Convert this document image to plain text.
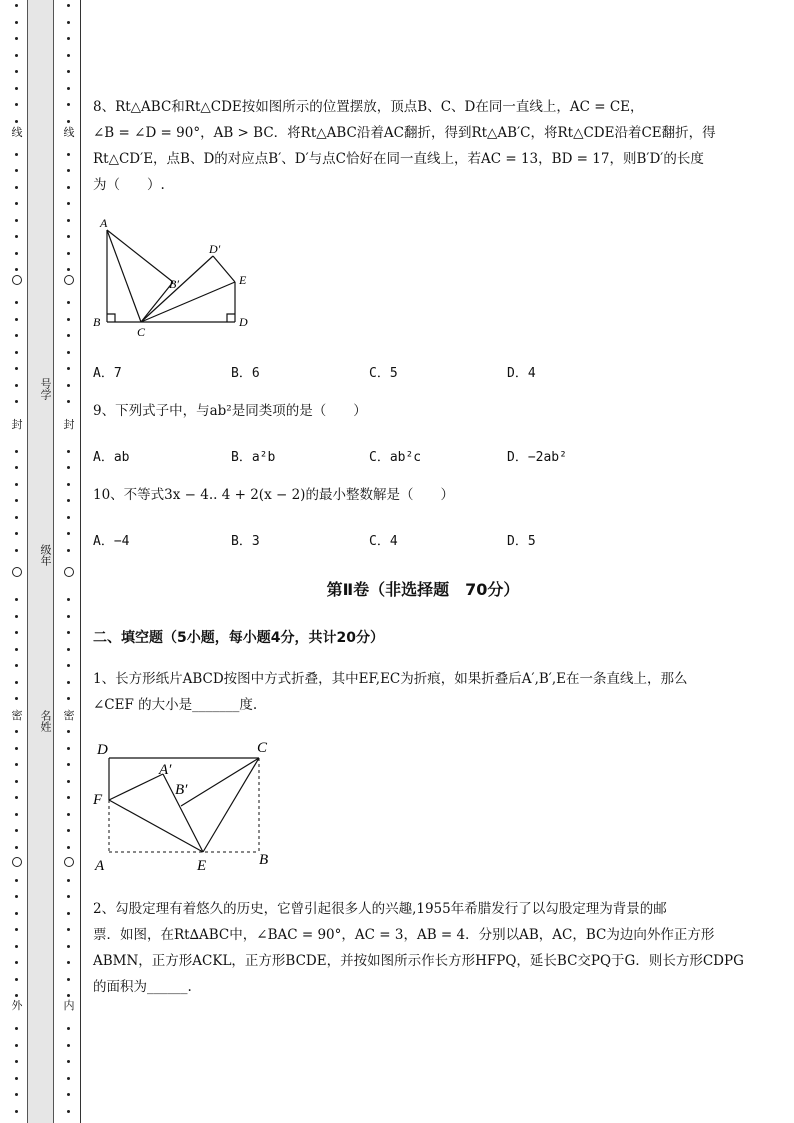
线
封
密
外
号学
级年
名姓
线
封
密
内
8、Rt△ABC和Rt△CDE按如图所示的位置摆放，顶点B、C、D在同一直线上，AC = CE，
∠B = ∠D = 90°，AB > BC．将Rt△ABC沿着AC翻折，得到Rt△AB′C，将Rt△CDE沿着CE翻折，得
Rt△CD′E，点B、D的对应点B′、D′与点C恰好在同一直线上，若AC = 13，BD = 17，则B′D′的长度
为（　　）.
A
B
C
D
E
B′
D′
A．7	B．6	C．5	D．4
9、下列式子中，与ab²是同类项的是（　　）
A．ab	B．a²b	C．ab²c	D．−2ab²
10、不等式3x − 4.. 4 + 2(x − 2)的最小整数解是（　　）
A．−4	B．3	C．4	D．5
第Ⅱ卷（非选择题　70分）
二、填空题（5小题，每小题4分，共计20分）
1、长方形纸片ABCD按图中方式折叠，其中EF,EC为折痕，如果折叠后A′,B′,E在一条直线上，那么
∠CEF 的大小是_______度.
D	C
F
A′
B′
A	E	B
2、勾股定理有着悠久的历史，它曾引起很多人的兴趣,1955年希腊发行了以勾股定理为背景的邮
票．如图，在Rt∆ABC中，∠BAC = 90°，AC = 3，AB = 4．分别以AB，AC，BC为边向外作正方形
ABMN，正方形ACKL，正方形BCDE，并按如图所示作长方形HFPQ，延长BC交PQ于G．则长方形CDPG
的面积为______.
